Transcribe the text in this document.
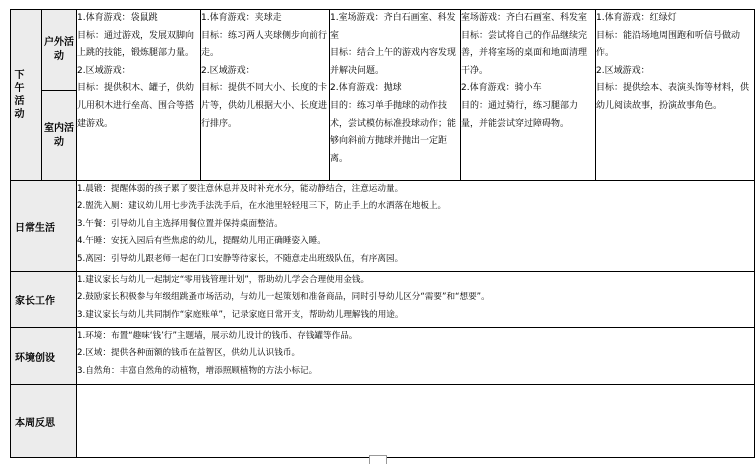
下午活动	户外活动	1.体育游戏：袋鼠跳
目标：通过游戏，发展双脚向上跳的技能，锻炼腿部力量。
2.区域游戏：
目标：提供积木、罐子，供幼儿用积木进行垒高、围合等搭建游戏。	1.体育游戏：夹球走
目标：练习两人夹球侧步向前行走。
2.区域游戏：
目标：提供不同大小、长度的卡片等，供幼儿根据大小、长度进行排序。	1.室场游戏：齐白石画室、科发室
目标：结合上午的游戏内容发现并解决问题。
2.体育游戏：抛球
目的：练习单手抛球的动作技术，尝试模仿标准投球动作；能够向斜前方抛球并抛出一定距离。	室场游戏：齐白石画室、科发室
目标：尝试将自己的作品继续完善，并将室场的桌面和地面清理干净。
2.体育游戏：骑小车
目的：通过骑行，练习腿部力量，并能尝试穿过障碍物。	1.体育游戏：红绿灯
目标：能沿场地周围跑和听信号做动作。
2.区域游戏：
目标：提供绘本、表演头饰等材料，供幼儿阅读故事，扮演故事角色。
	室内活动					
日常生活		1.晨锻：提醒体弱的孩子累了要注意休息并及时补充水分，能动静结合，注意运动量。
2.盥洗入厕：建议幼儿用七步洗手法洗手后，在水池里轻轻甩三下，防止手上的水洒落在地板上。
3.午餐：引导幼儿自主选择用餐位置并保持桌面整洁。
4.午睡：安抚入园后有些焦虑的幼儿，提醒幼儿用正确睡姿入睡。
5.离园：引导幼儿跟老师一起在门口安静等待家长，不随意走出班级队伍，有序离园。				
家长工作		1.建议家长与幼儿一起制定“零用钱管理计划”，帮助幼儿学会合理使用金钱。
2.鼓励家长积极参与年级组跳蚤市场活动，与幼儿一起策划和准备商品，同时引导幼儿区分“需要”和“想要”。
3.建议家长与幼儿共同制作“家庭账单”，记录家庭日常开支，帮助幼儿理解钱的用途。				
环境创设		1.环境：布置“趣味‘钱’行”主题墙，展示幼儿设计的钱币、存钱罐等作品。
2.区域：提供各种面额的钱币在益智区，供幼儿认识钱币。
3.自然角：丰富自然角的动植物，增添照顾植物的方法小标记。				
本周反思						
